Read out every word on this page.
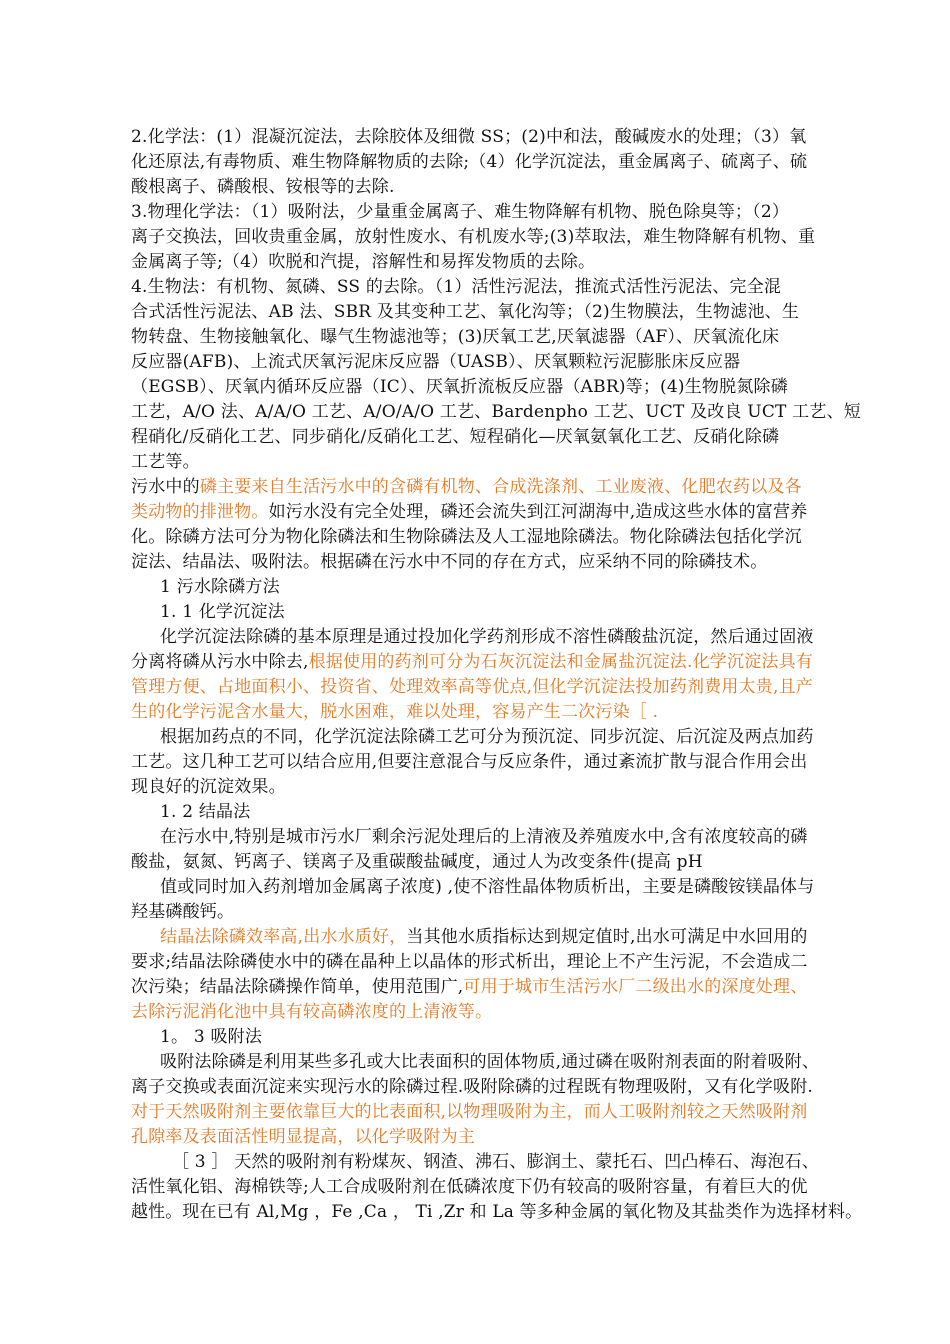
2.化学法：(1）混凝沉淀法，去除胶体及细微 SS；(2)中和法，酸碱废水的处理；（3）氧
化还原法,有毒物质、难生物降解物质的去除;（4）化学沉淀法，重金属离子、硫离子、硫
酸根离子、磷酸根、铵根等的去除.
3.物理化学法：（1）吸附法，少量重金属离子、难生物降解有机物、脱色除臭等；（2）
离子交换法，回收贵重金属，放射性废水、有机废水等;(3)萃取法，难生物降解有机物、重
金属离子等;（4）吹脱和汽提，溶解性和易挥发物质的去除。
4.生物法：有机物、氮磷、SS 的去除。（1）活性污泥法，推流式活性污泥法、完全混
合式活性污泥法、AB 法、SBR 及其变种工艺、氧化沟等；（2)生物膜法，生物滤池、生
物转盘、生物接触氧化、曝气生物滤池等；(3)厌氧工艺,厌氧滤器（AF）、厌氧流化床
反应器(AFB)、上流式厌氧污泥床反应器（UASB）、厌氧颗粒污泥膨胀床反应器
（EGSB）、厌氧内循环反应器（IC）、厌氧折流板反应器（ABR)等；(4)生物脱氮除磷
工艺，A/O 法、A/A/O 工艺、A/O/A/O 工艺、Bardenpho 工艺、UCT 及改良 UCT 工艺、短
程硝化/反硝化工艺、同步硝化/反硝化工艺、短程硝化—厌氧氨氧化工艺、反硝化除磷
工艺等。
污水中的磷主要来自生活污水中的含磷有机物、合成洗涤剂、工业废液、化肥农药以及各
类动物的排泄物。如污水没有完全处理，磷还会流失到江河湖海中,造成这些水体的富营养
化。除磷方法可分为物化除磷法和生物除磷法及人工湿地除磷法。物化除磷法包括化学沉
淀法、结晶法、吸附法。根据磷在污水中不同的存在方式，应采纳不同的除磷技术。
1 污水除磷方法
1. 1 化学沉淀法
化学沉淀法除磷的基本原理是通过投加化学药剂形成不溶性磷酸盐沉淀，然后通过固液
分离将磷从污水中除去,根据使用的药剂可分为石灰沉淀法和金属盐沉淀法.化学沉淀法具有
管理方便、占地面积小、投资省、处理效率高等优点,但化学沉淀法投加药剂费用太贵,且产
生的化学污泥含水量大，脱水困难，难以处理，容易产生二次污染［ .
根据加药点的不同，化学沉淀法除磷工艺可分为预沉淀、同步沉淀、后沉淀及两点加药
工艺。这几种工艺可以结合应用,但要注意混合与反应条件，通过紊流扩散与混合作用会出
现良好的沉淀效果。
1. 2 结晶法
在污水中,特别是城市污水厂剩余污泥处理后的上清液及养殖废水中,含有浓度较高的磷
酸盐，氨氮、钙离子、镁离子及重碳酸盐碱度，通过人为改变条件(提高 pH
值或同时加入药剂增加金属离子浓度) ,使不溶性晶体物质析出，主要是磷酸铵镁晶体与
羟基磷酸钙。
结晶法除磷效率高,出水水质好，当其他水质指标达到规定值时,出水可满足中水回用的
要求;结晶法除磷使水中的磷在晶种上以晶体的形式析出，理论上不产生污泥，不会造成二
次污染；结晶法除磷操作简单，使用范围广,可用于城市生活污水厂二级出水的深度处理、
去除污泥消化池中具有较高磷浓度的上清液等。
1。 3 吸附法
吸附法除磷是利用某些多孔或大比表面积的固体物质,通过磷在吸附剂表面的附着吸附、
离子交换或表面沉淀来实现污水的除磷过程.吸附除磷的过程既有物理吸附，又有化学吸附.
对于天然吸附剂主要依靠巨大的比表面积,以物理吸附为主，而人工吸附剂较之天然吸附剂
孔隙率及表面活性明显提高，以化学吸附为主
［ 3 ］ 天然的吸附剂有粉煤灰、钢渣、沸石、膨润土、蒙托石、凹凸棒石、海泡石、
活性氧化铝、海棉铁等;人工合成吸附剂在低磷浓度下仍有较高的吸附容量，有着巨大的优
越性。现在已有 Al,Mg ，Fe ,Ca ， Ti ,Zr 和 La 等多种金属的氧化物及其盐类作为选择材料。
